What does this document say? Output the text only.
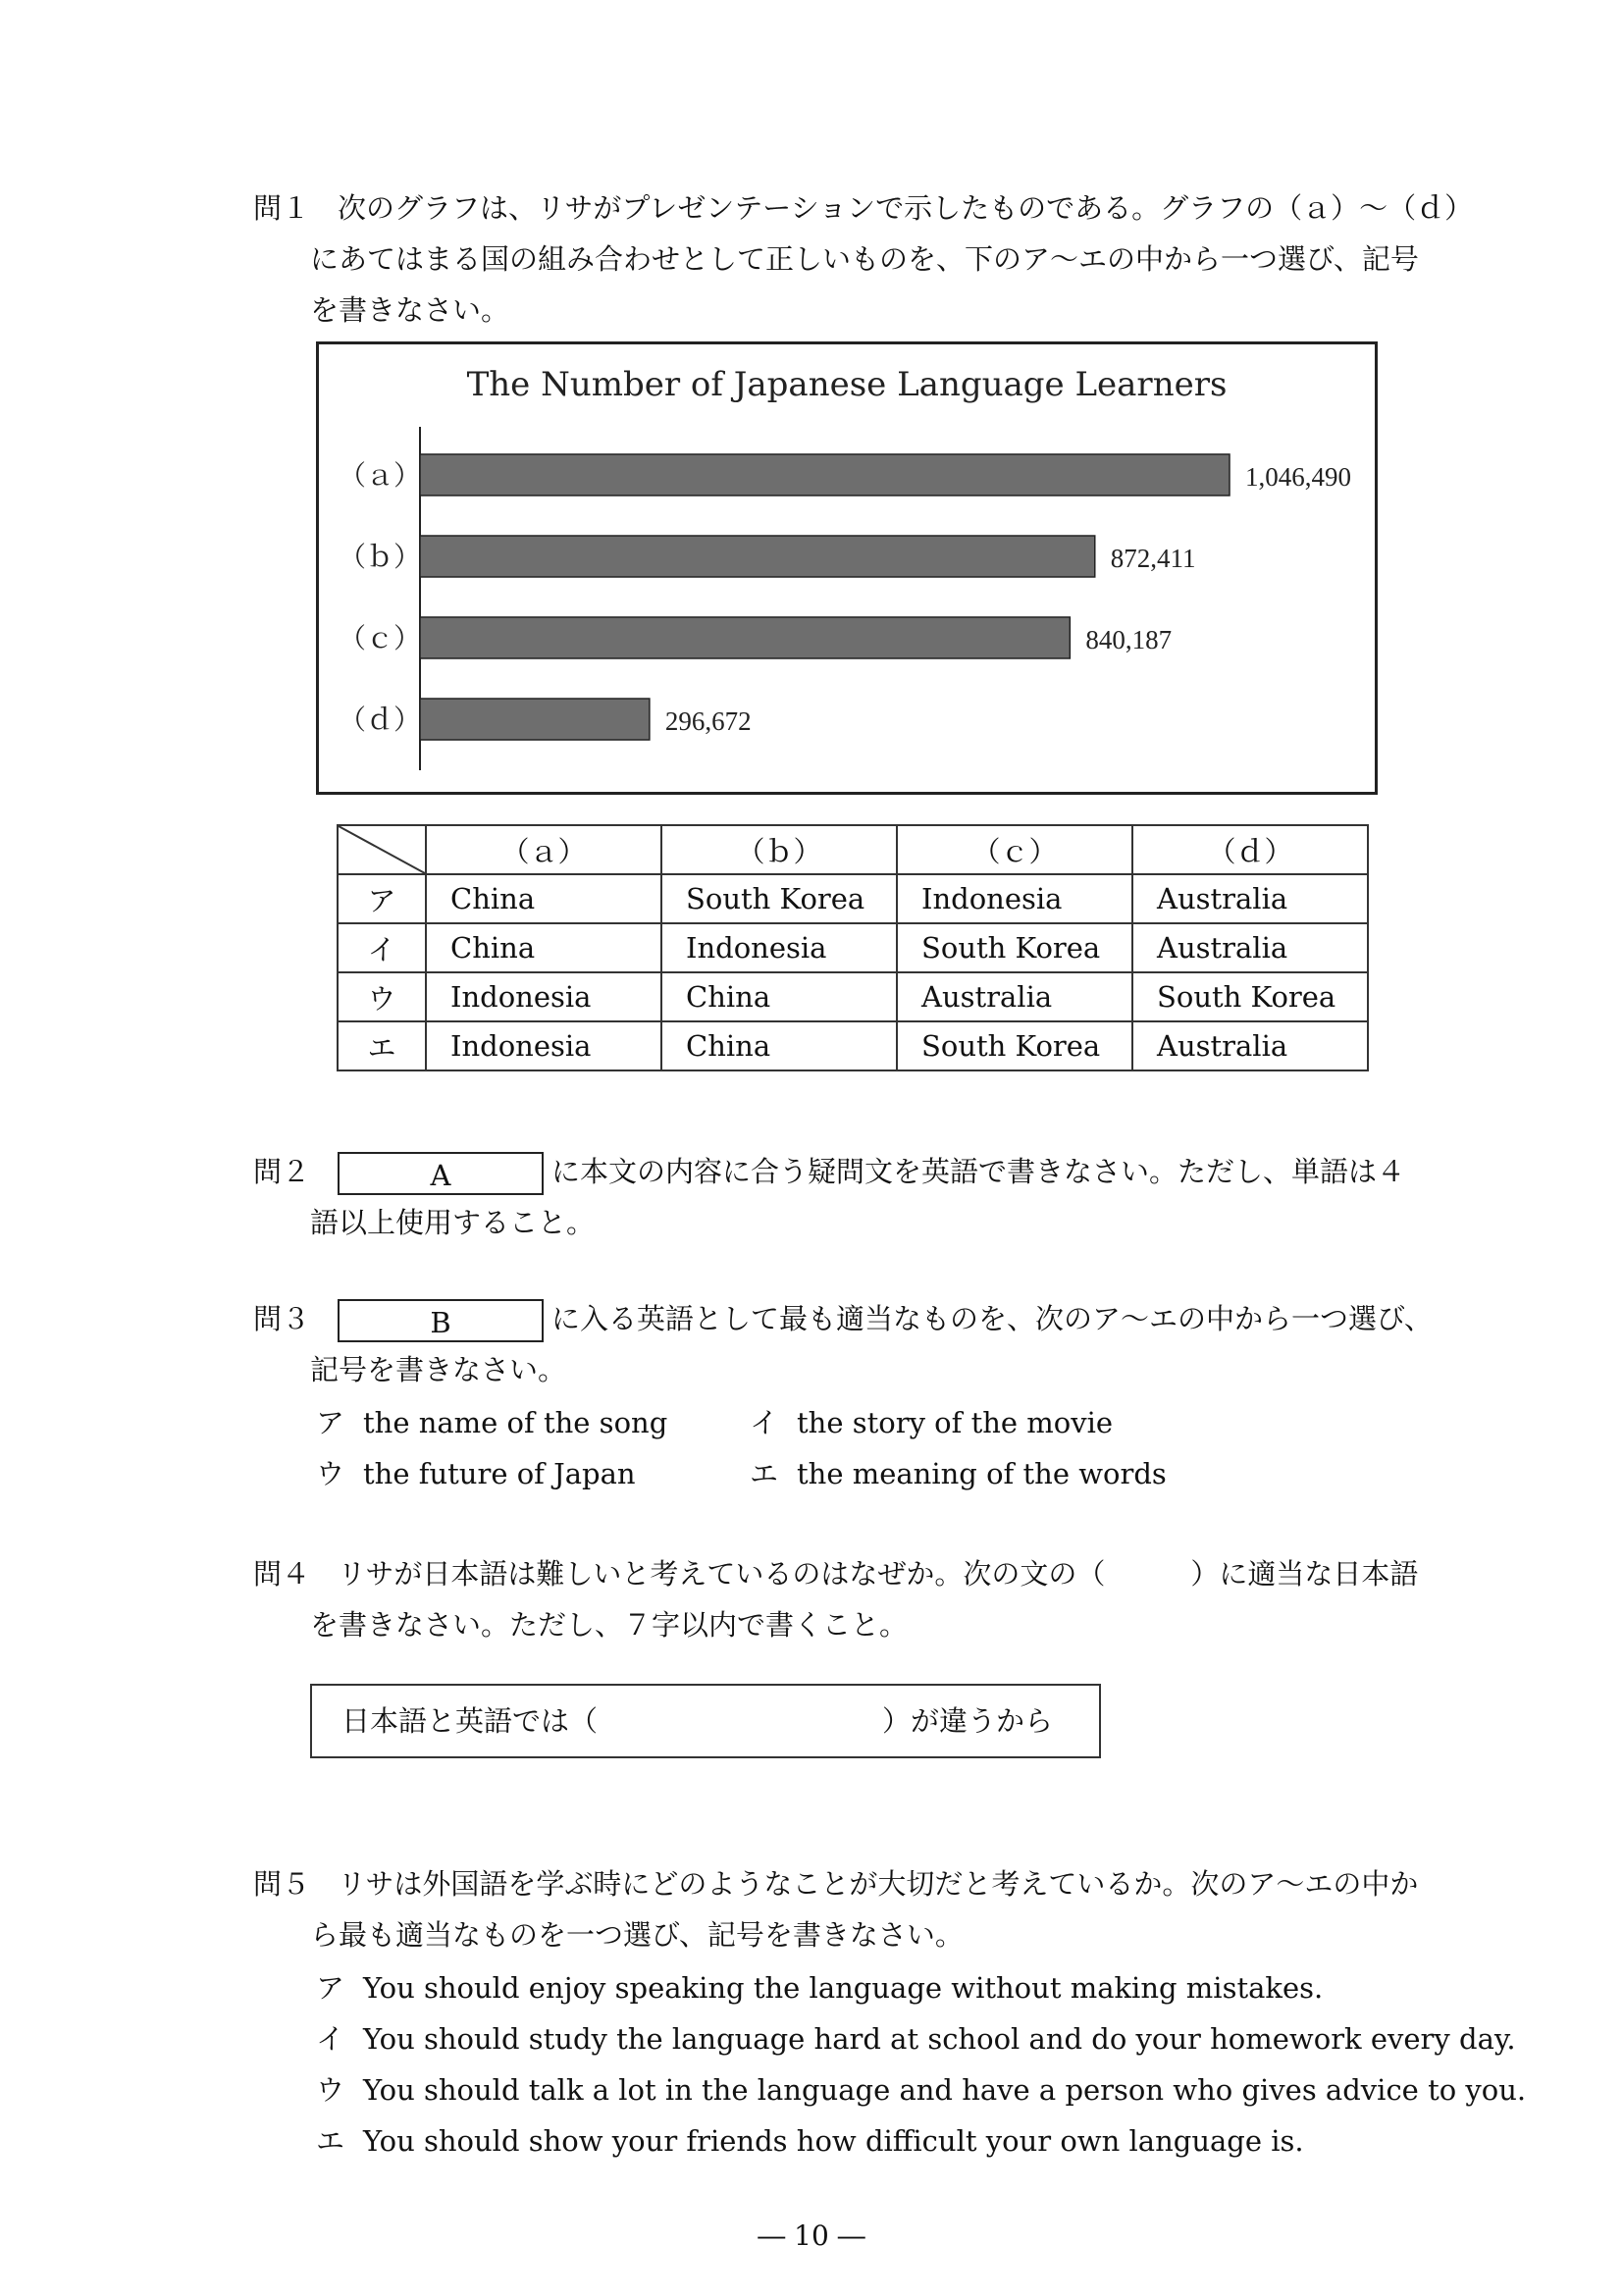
問１ 次のグラフは、リサがプレゼンテーションで示したものである。グラフの（ａ）～（ｄ）
にあてはまる国の組み合わせとして正しいものを、下のア～エの中から一つ選び、記号
を書きなさい。
The Number of Japanese Language Learners
（ａ）	1,046,490
（ｂ）	872,411
（ｃ）	840,187
（ｄ）	296,672
	（ａ）	（ｂ）	（ｃ）	（ｄ）
ア	China	South Korea	Indonesia	Australia
イ	China	Indonesia	South Korea	Australia
ウ	Indonesia	China	Australia	South Korea
エ	Indonesia	China	South Korea	Australia
問２	A	に本文の内容に合う疑問文を英語で書きなさい。ただし、単語は４
語以上使用すること。
問３	B	に入る英語として最も適当なものを、次のア～エの中から一つ選び、
記号を書きなさい。
ア the name of the song	イ the story of the movie
ウ the future of Japan	エ the meaning of the words
問４ リサが日本語は難しいと考えているのはなぜか。次の文の（　　　）に適当な日本語
を書きなさい。ただし、７字以内で書くこと。
日本語と英語では（	）が違うから
問５ リサは外国語を学ぶ時にどのようなことが大切だと考えているか。次のア～エの中か
ら最も適当なものを一つ選び、記号を書きなさい。
ア You should enjoy speaking the language without making mistakes.
イ You should study the language hard at school and do your homework every day.
ウ You should talk a lot in the language and have a person who gives advice to you.
エ You should show your friends how difficult your own language is.
― 10 ―
